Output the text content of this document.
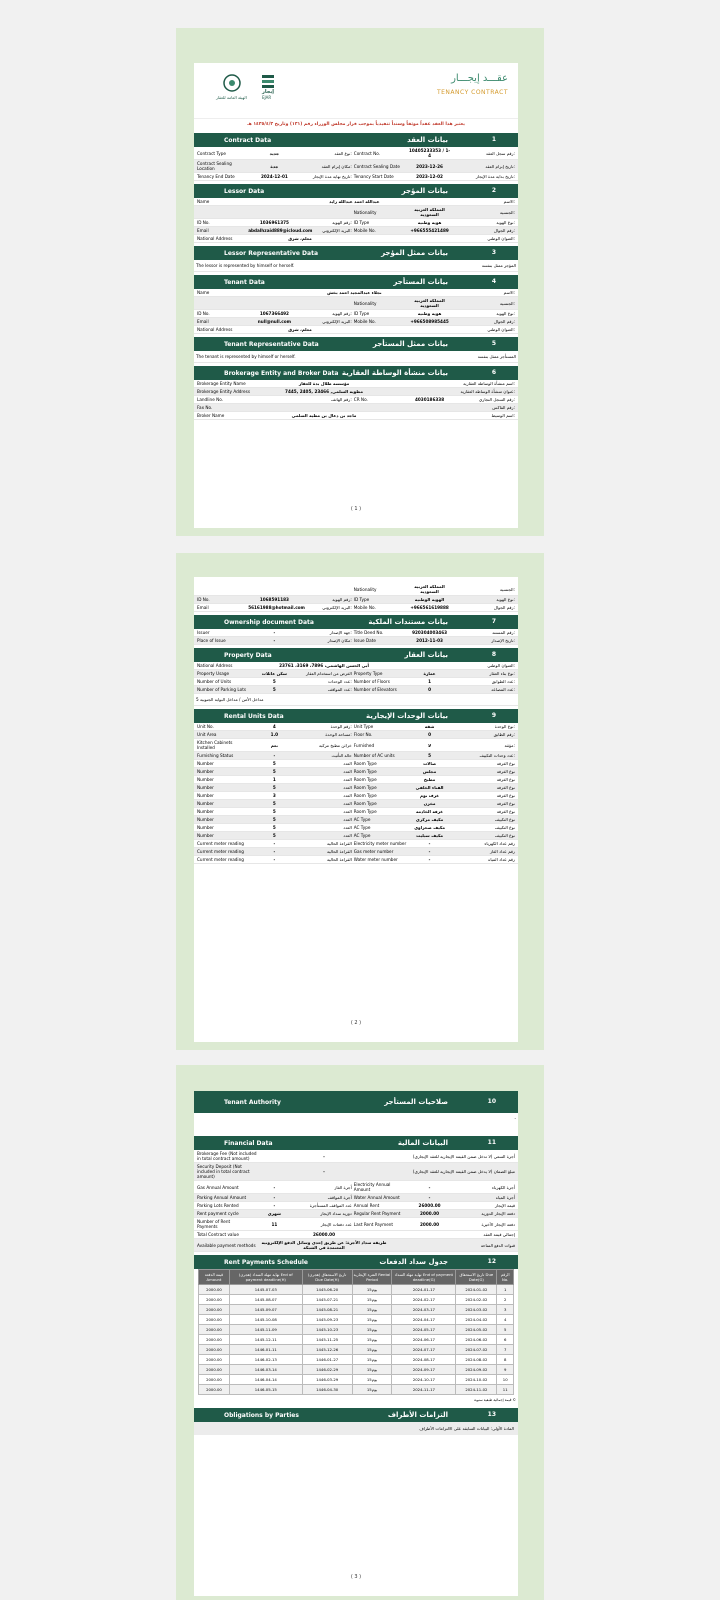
إيجار
EJAR
الهيئة العامة للعقار
عقـــد إيجـــار
TENANCY CONTRACT
يعتبر هذا العقد عقداً موثقاً وسنداً تنفيذياً بموجب قرار مجلس الوزراء رقم (١٣١) وتاريخ ١٤٣٥/٤/٣ هـ
Contract Data	بيانات العقد	1
Contract Type	جديد	نوع العقد: Contract No.	10405233353 / 1-4	رقم سجل العقد:
Contract Sealing Location	جدة	مكان إبرام العقد: Contract Sealing Date	2023-12-26	تاريخ إبرام العقد:
Tenancy End Date	2024-12-01	تاريخ نهاية مدة الإيجار: Tenancy Start Date	2023-12-02	تاريخ بداية مدة الإيجار:
Lessor Data	بيانات المؤجر	2
Name	عبدالله احمد عبدالله زايد	الاسم:
Nationality	المملكة العربية السعودية	الجنسية:
ID No.	1036961375	رقم الهوية: ID Type	هوية وطنية	نوع الهوية:
Email	abdalhzaid889@icloud.com	البريد الإلكتروني: Mobile No.	+966555421489	رقم الجوال:
National Address	معلم، شرق	العنوان الوطني:
Lessor Representative Data	بيانات ممثل المؤجر	3
The lessor is represented by himself or herself.	المؤجر ممثل بنفسه
Tenant Data	بيانات المستأجر	4
Name	نجلاء عبدالمجيد احمد بخش	الاسم:
Nationality	المملكة العربية السعودية	الجنسية:
ID No.	1067366492	رقم الهوية: ID Type	هوية وطنية	نوع الهوية:
Email	null@null.com	البريد الإلكتروني: Mobile No.	+966508985445	رقم الجوال:
National Address	معلم، شرق	العنوان الوطني:
Tenant Representative Data	بيانات ممثل المستأجر	5
The tenant is represented by himself or herself.	المستأجر ممثل بنفسه
Brokerage Entity and Broker Data بيانات منشأة الوساطة العقارية	6
Brokerage Entity Name	مؤسسة طلال بدة للعقار	اسم منشأة الوساطة العقارية:
Brokerage Entity Address	7445, 2405, 23466 ,مطوية السلمي	عنوان منشأة الوساطة العقارية:
Landline No.	رقم الهاتف: CR No.	4030186338	رقم السجل التجاري:
Fax No.	رقم الفاكس:
Broker Name	ماجد بن دعال بن مطية السلمي	اسم الوسيط:
( 1 )
Nationality	المملكة العربية السعودية	الجنسية:
ID No.	1068591183	رقم الهوية: ID Type	الهوية الوطنية	نوع الهوية:
Email	56161988@hotmail.com	البريد الإلكتروني: Mobile No.	+966561619888	رقم الجوال:
Ownership document Data	بيانات مستندات الملكية	7
Issuer	-	جهة الإصدار: Title Deed No.	920304003463	رقم المستند:
Place of Issue	-	مكان الإصدار: Issue Date	2012-11-03	تاريخ الإصدار:
Property Data	بيانات العقار	8
National Address	أبي الحسن الهاشمي، 7896، 3169، 23761	العنوان الوطني:
Property Usage	سكن عائلات	الغرض من استخدام العقار Property Type	عمارة	نوع بناء العقار:
Number of Units	5	عدد الوحدات: Number of Floors	1	عدد الطوابق:
Number of Parking Lots	5	عدد المواقف: Number of Elevators	0	عدد المصاعد:
مداخل الأمن / مداخل البوابة الجنوبية 5
Rental Units Data	بيانات الوحدات الإيجارية	9
Unit No.	4	رقم الوحدة: Unit Type	شقة	نوع الوحدة:
Unit Area	1.0	مساحة الوحدة: Floor No.	0	رقم الطابق:
Kitchen Cabinets Installed	نعم	خزائن مطبخ مركبة Furnished	لا	مؤثثة:
Furnishing Status	-	حالة التأثيث Number of AC units	5	عدد وحدات التكييف:
Number	5	العدد Room Type	صالات	نوع الغرفة
Number	5	العدد Room Type	مجلس	نوع الغرفة
Number	1	العدد Room Type	مطبخ	نوع الغرفة
Number	5	العدد Room Type	الفناء الخلفي	نوع الغرفة
Number	3	العدد Room Type	غرف نوم	نوع الغرفة
Number	5	العدد Room Type	مخزن	نوع الغرفة
Number	5	العدد Room Type	غرفة الخادمة	نوع الغرفة
Number	5	العدد AC Type	مكيف مركزي	نوع التكييف
Number	5	العدد AC Type	مكيف صحراوي	نوع التكييف
Number	5	العدد AC Type	مكيف سبليت	نوع التكييف
Current meter reading	-	القراءة الحالية Electricity meter number	-	رقم عداد الكهرباء
Current meter reading	-	القراءة الحالية Gas meter number	-	رقم عداد الغاز
Current meter reading	-	القراءة الحالية Water meter number	-	رقم عداد المياه
( 2 )
Tenant Authority	صلاحيات المستأجر	10
-
Financial Data	البيانات المالية	11
Brokerage Fee (Not included in total contract amount)	-	أجرة السعي (لا تدخل ضمن القيمة الإيجارية للعقد الإيجاري)
Security Deposit (Not included in total contract amount)
-	مبلغ الضمان (لا يدخل ضمن القيمة الإيجارية للعقد الإيجاري)
Gas Annual Amount	-	أجرة الغاز Electricity Annual Amount	-	أجرة الكهرباء
Parking Annual Amount	-	أجرة المواقف Water Annual Amount	-	أجرة المياه
Parking Lots Rented	-	عدد المواقف المستأجرة Annual Rent	26000.00	قيمة الإيجار
Rent payment cycle	شهري	دورية سداد الإيجار Regular Rent Payment	2000.00	دفعة الإيجار الدورية
Number of Rent Payments	11	عدد دفعات الإيجار Last Rent Payment	2000.00	دفعة الإيجار الأخيرة
Total Contract value	26000.00	إجمالي قيمة العقد
Available payment methods	طريقة سداد الأجرة: عن طريق إحدى وسائل الدفع الإلكترونية المعتمدة في الشبكة	قنوات الدفع المتاحة
Rent Payments Schedule	جدول سداد الدفعات	12
قيمة الدفعة Amount	نهاية مهلة السداد (هجري) End of payment deadline(H)	تاريخ الاستحقاق (هجري) Due Date(H)	الفترة الإيجارية Rental Period	نهاية مهلة السداد End of payment deadline(G)	تاريخ الاستحقاق Due Date(G)	الرقم No.
2000.00	1445-07-03	1445-06-20	15يوم	2024-01-17	2024-01-02	1
2000.00	1445-08-07	1445-07-21	15يوم	2024-02-17	2024-02-02	2
2000.00	1445-09-07	1445-08-21	15يوم	2024-03-17	2024-03-02	3
2000.00	1445-10-08	1445-09-23	15يوم	2024-04-17	2024-04-02	4
2000.00	1445-11-09	1445-10-23	15يوم	2024-05-17	2024-05-02	5
2000.00	1445-12-11	1445-11-25	15يوم	2024-06-17	2024-06-02	6
2000.00	1446-01-11	1445-12-26	15يوم	2024-07-17	2024-07-02	7
2000.00	1446-02-13	1446-01-27	15يوم	2024-08-17	2024-08-02	8
2000.00	1446-03-14	1446-02-29	15يوم	2024-09-17	2024-09-02	9
2000.00	1446-04-14	1446-03-29	15يوم	2024-10-17	2024-10-02	10
2000.00	1446-05-15	1446-04-30	15يوم	2024-11-17	2024-11-02	11
قيمة إجمالية طبقية سنوية ©
Obligations by Parties	التزامات الأطراف	13
المادة الأولى: البيانات السابقة على الالتزامات الأطراف
( 3 )
